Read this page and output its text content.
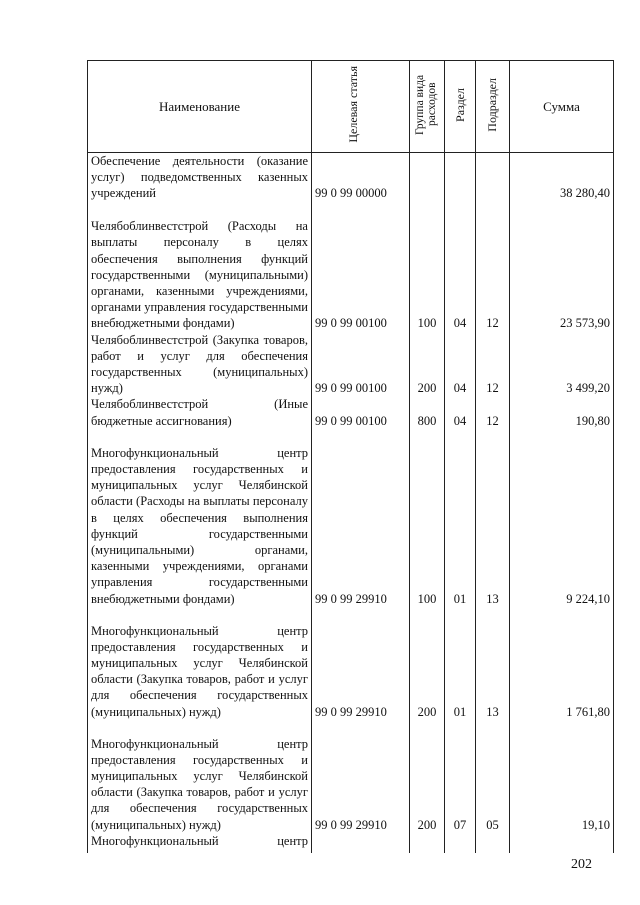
Наименование	Целевая статья	Группа вида расходов	Раздел	Подраздел	Сумма

Обеспечение деятельности (оказание услуг) подведомственных казенных учреждений	99 0 99 00000				38 280,40

Челябоблинвестстрой (Расходы на выплаты персоналу в целях обеспечения выполнения функций государственными (муниципальными) органами, казенными учреждениями, органами управления государственными внебюджетными фондами)	99 0 99 00100	100	04	12	23 573,90

Челябоблинвестстрой (Закупка товаров, работ и услуг для обеспечения государственных (муниципальных) нужд)	99 0 99 00100	200	04	12	3 499,20

Челябоблинвестстрой (Иные бюджетные ассигнования)	99 0 99 00100	800	04	12	190,80

Многофункциональный центр предоставления государственных и муниципальных услуг Челябинской области (Расходы на выплаты персоналу в целях обеспечения выполнения функций государственными (муниципальными) органами, казенными учреждениями, органами управления государственными внебюджетными фондами)	99 0 99 29910	100	01	13	9 224,10

Многофункциональный центр предоставления государственных и муниципальных услуг Челябинской области (Закупка товаров, работ и услуг для обеспечения государственных (муниципальных) нужд)	99 0 99 29910	200	01	13	1 761,80

Многофункциональный центр предоставления государственных и муниципальных услуг Челябинской области (Закупка товаров, работ и услуг для обеспечения государственных (муниципальных) нужд)	99 0 99 29910	200	07	05	19,10

Многофункциональный центр					

202
